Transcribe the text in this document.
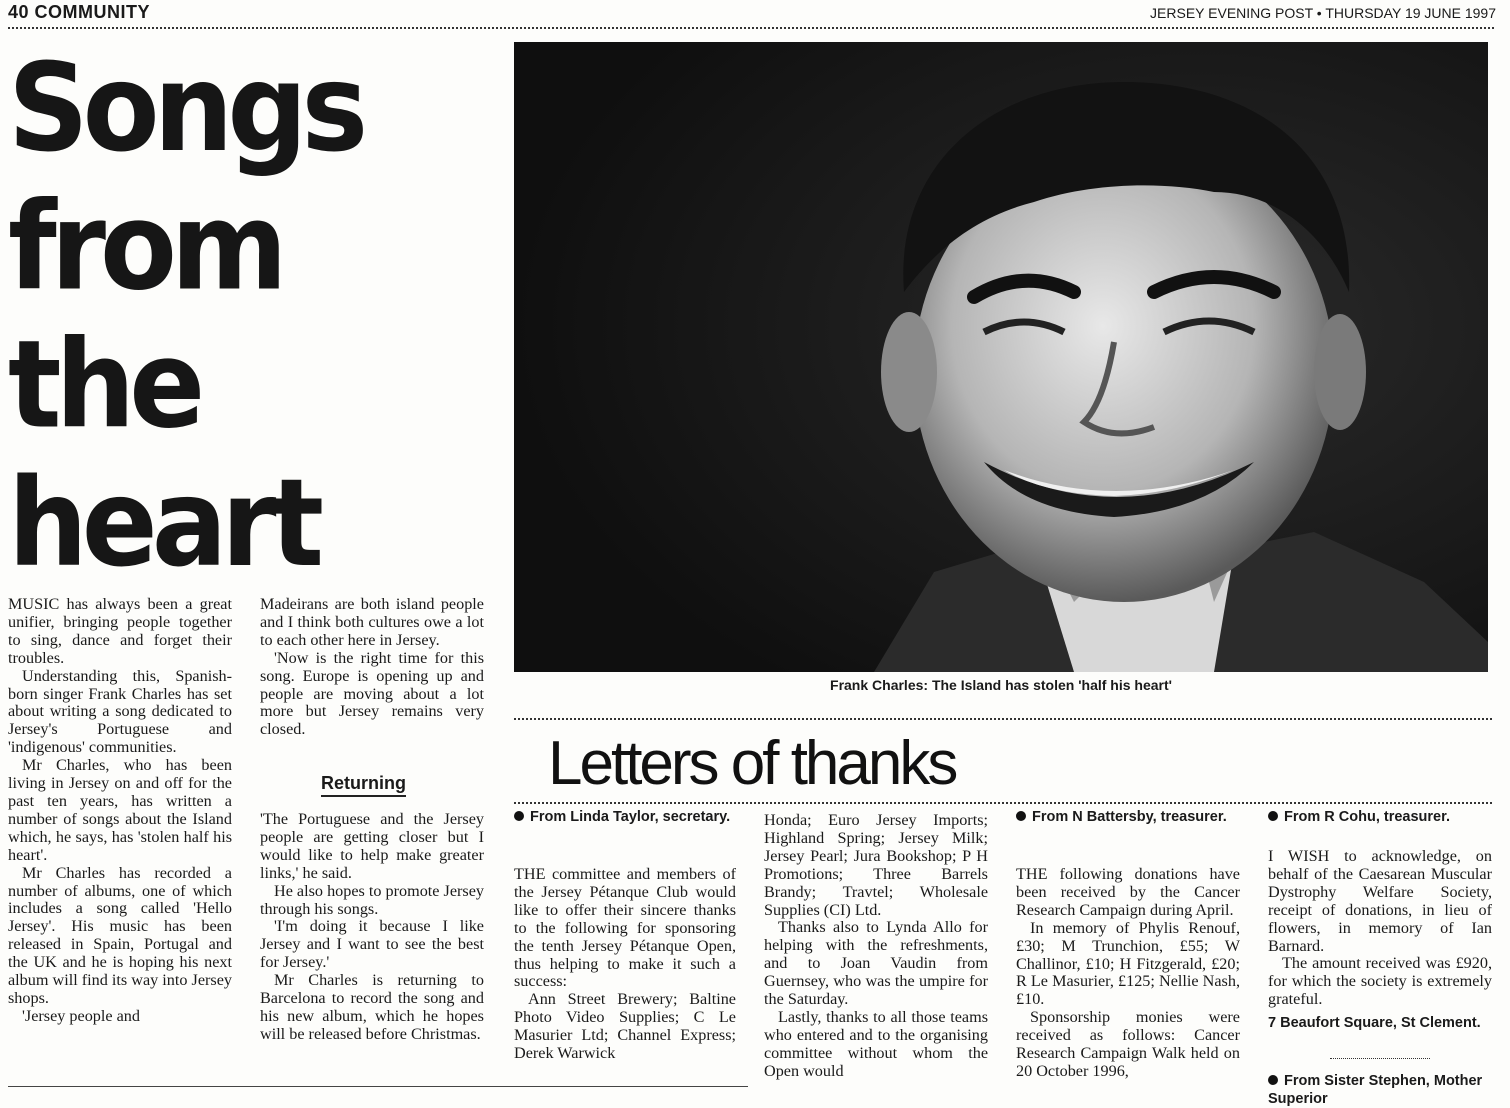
40 COMMUNITY	JERSEY EVENING POST • THURSDAY 19 JUNE 1997
Songs
from
the
heart

MUSIC has always been a great unifier, bringing people together to sing, dance and forget their troubles.

Understanding this, Spanish-born singer Frank Charles has set about writing a song dedicated to Jersey's Portuguese and 'indigenous' communities.

Mr Charles, who has been living in Jersey on and off for the past ten years, has written a number of songs about the Island which, he says, has 'stolen half his heart'.

Mr Charles has recorded a number of albums, one of which includes a song called 'Hello Jersey'. His music has been released in Spain, Portugal and the UK and he is hoping his next album will find its way into Jersey shops.

'Jersey people and

Madeirans are both island people and I think both cultures owe a lot to each other here in Jersey.

'Now is the right time for this song. Europe is opening up and people are moving about a lot more but Jersey remains very closed.

Returning

'The Portuguese and the Jersey people are getting closer but I would like to help make greater links,' he said.

He also hopes to promote Jersey through his songs.

'I'm doing it because I like Jersey and I want to see the best for Jersey.'

Mr Charles is returning to Barcelona to record the song and his new album, which he hopes will be released before Christmas.

Frank Charles: The Island has stolen 'half his heart'
Letters of thanks
From Linda Taylor, secretary.

THE committee and members of the Jersey Pétanque Club would like to offer their sincere thanks to the following for sponsoring the tenth Jersey Pétanque Open, thus helping to make it such a success:

Ann Street Brewery; Baltine Photo Video Supplies; C Le Masurier Ltd; Channel Express; Derek Warwick

Honda; Euro Jersey Imports; Highland Spring; Jersey Milk; Jersey Pearl; Jura Bookshop; P H Promotions; Three Barrels Brandy; Travtel; Wholesale Supplies (CI) Ltd.

Thanks also to Lynda Allo for helping with the refreshments, and to Joan Vaudin from Guernsey, who was the umpire for the Saturday.

Lastly, thanks to all those teams who entered and to the organising committee without whom the Open would

From N Battersby, treasurer.

THE following donations have been received by the Cancer Research Campaign during April.

In memory of Phylis Renouf, £30; M Trunchion, £55; W Challinor, £10; H Fitzgerald, £20; R Le Masurier, £125; Nellie Nash, £10.

Sponsorship monies were received as follows: Cancer Research Campaign Walk held on 20 October 1996,

From R Cohu, treasurer.

I WISH to acknowledge, on behalf of the Caesarean Muscular Dystrophy Welfare Society, receipt of donations, in lieu of flowers, in memory of Ian Barnard.

The amount received was £920, for which the society is extremely grateful.

7 Beaufort Square, St Clement.
From Sister Stephen, Mother Superior
